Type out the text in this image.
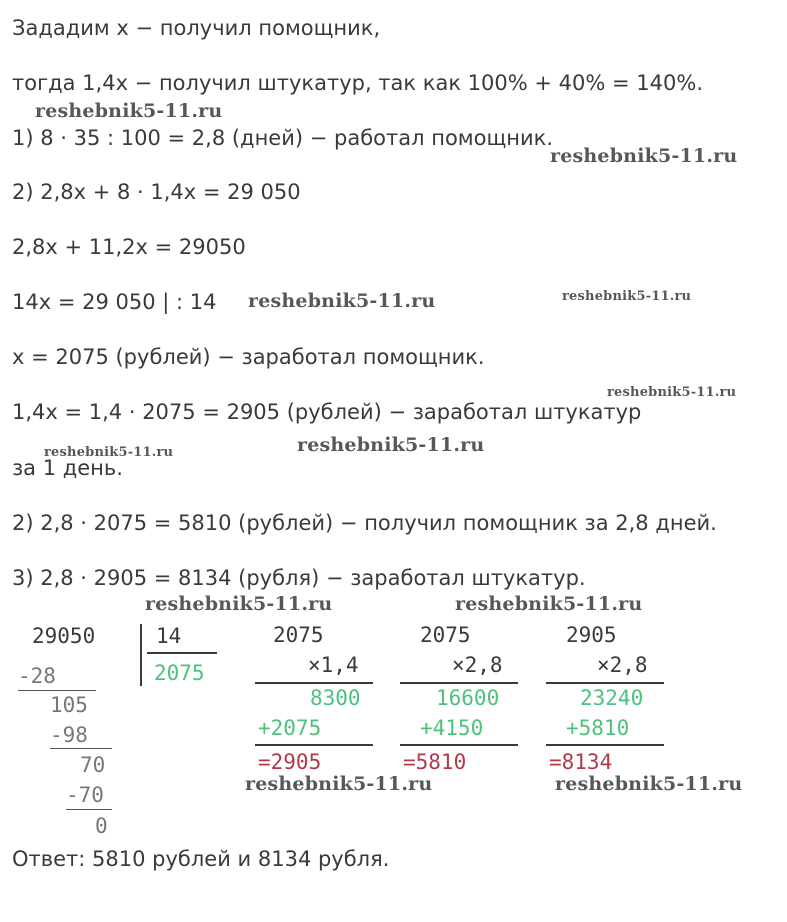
Зададим x − получил помощник,
тогда 1,4x − получил штукатур, так как 100% + 40% = 140%.
1) 8 · 35 : 100 = 2,8 (дней) − работал помощник.
2) 2,8x + 8 · 1,4x = 29 050
2,8x + 11,2x = 29050
14x = 29 050 | : 14
x = 2075 (рублей) − заработал помощник.
1,4x = 1,4 · 2075 = 2905 (рублей) − заработал штукатур
за 1 день.
2) 2,8 · 2075 = 5810 (рублей) − получил помощник за 2,8 дней.
3) 2,8 · 2905 = 8134 (рубля) − заработал штукатур.
reshebnik5-11.ru
reshebnik5-11.ru
reshebnik5-11.ru	reshebnik5-11.ru
reshebnik5-11.ru
reshebnik5-11.ru	reshebnik5-11.ru
reshebnik5-11.ru	reshebnik5-11.ru
reshebnik5-11.ru	reshebnik5-11.ru
29050	14
2075
-28
105
-98
70
-70
0
2075
×1,4
8300
+2075
=2905
2075
×2,8
16600
+4150
=5810
2905
×2,8
23240
+5810
=8134
Ответ: 5810 рублей и 8134 рубля.
